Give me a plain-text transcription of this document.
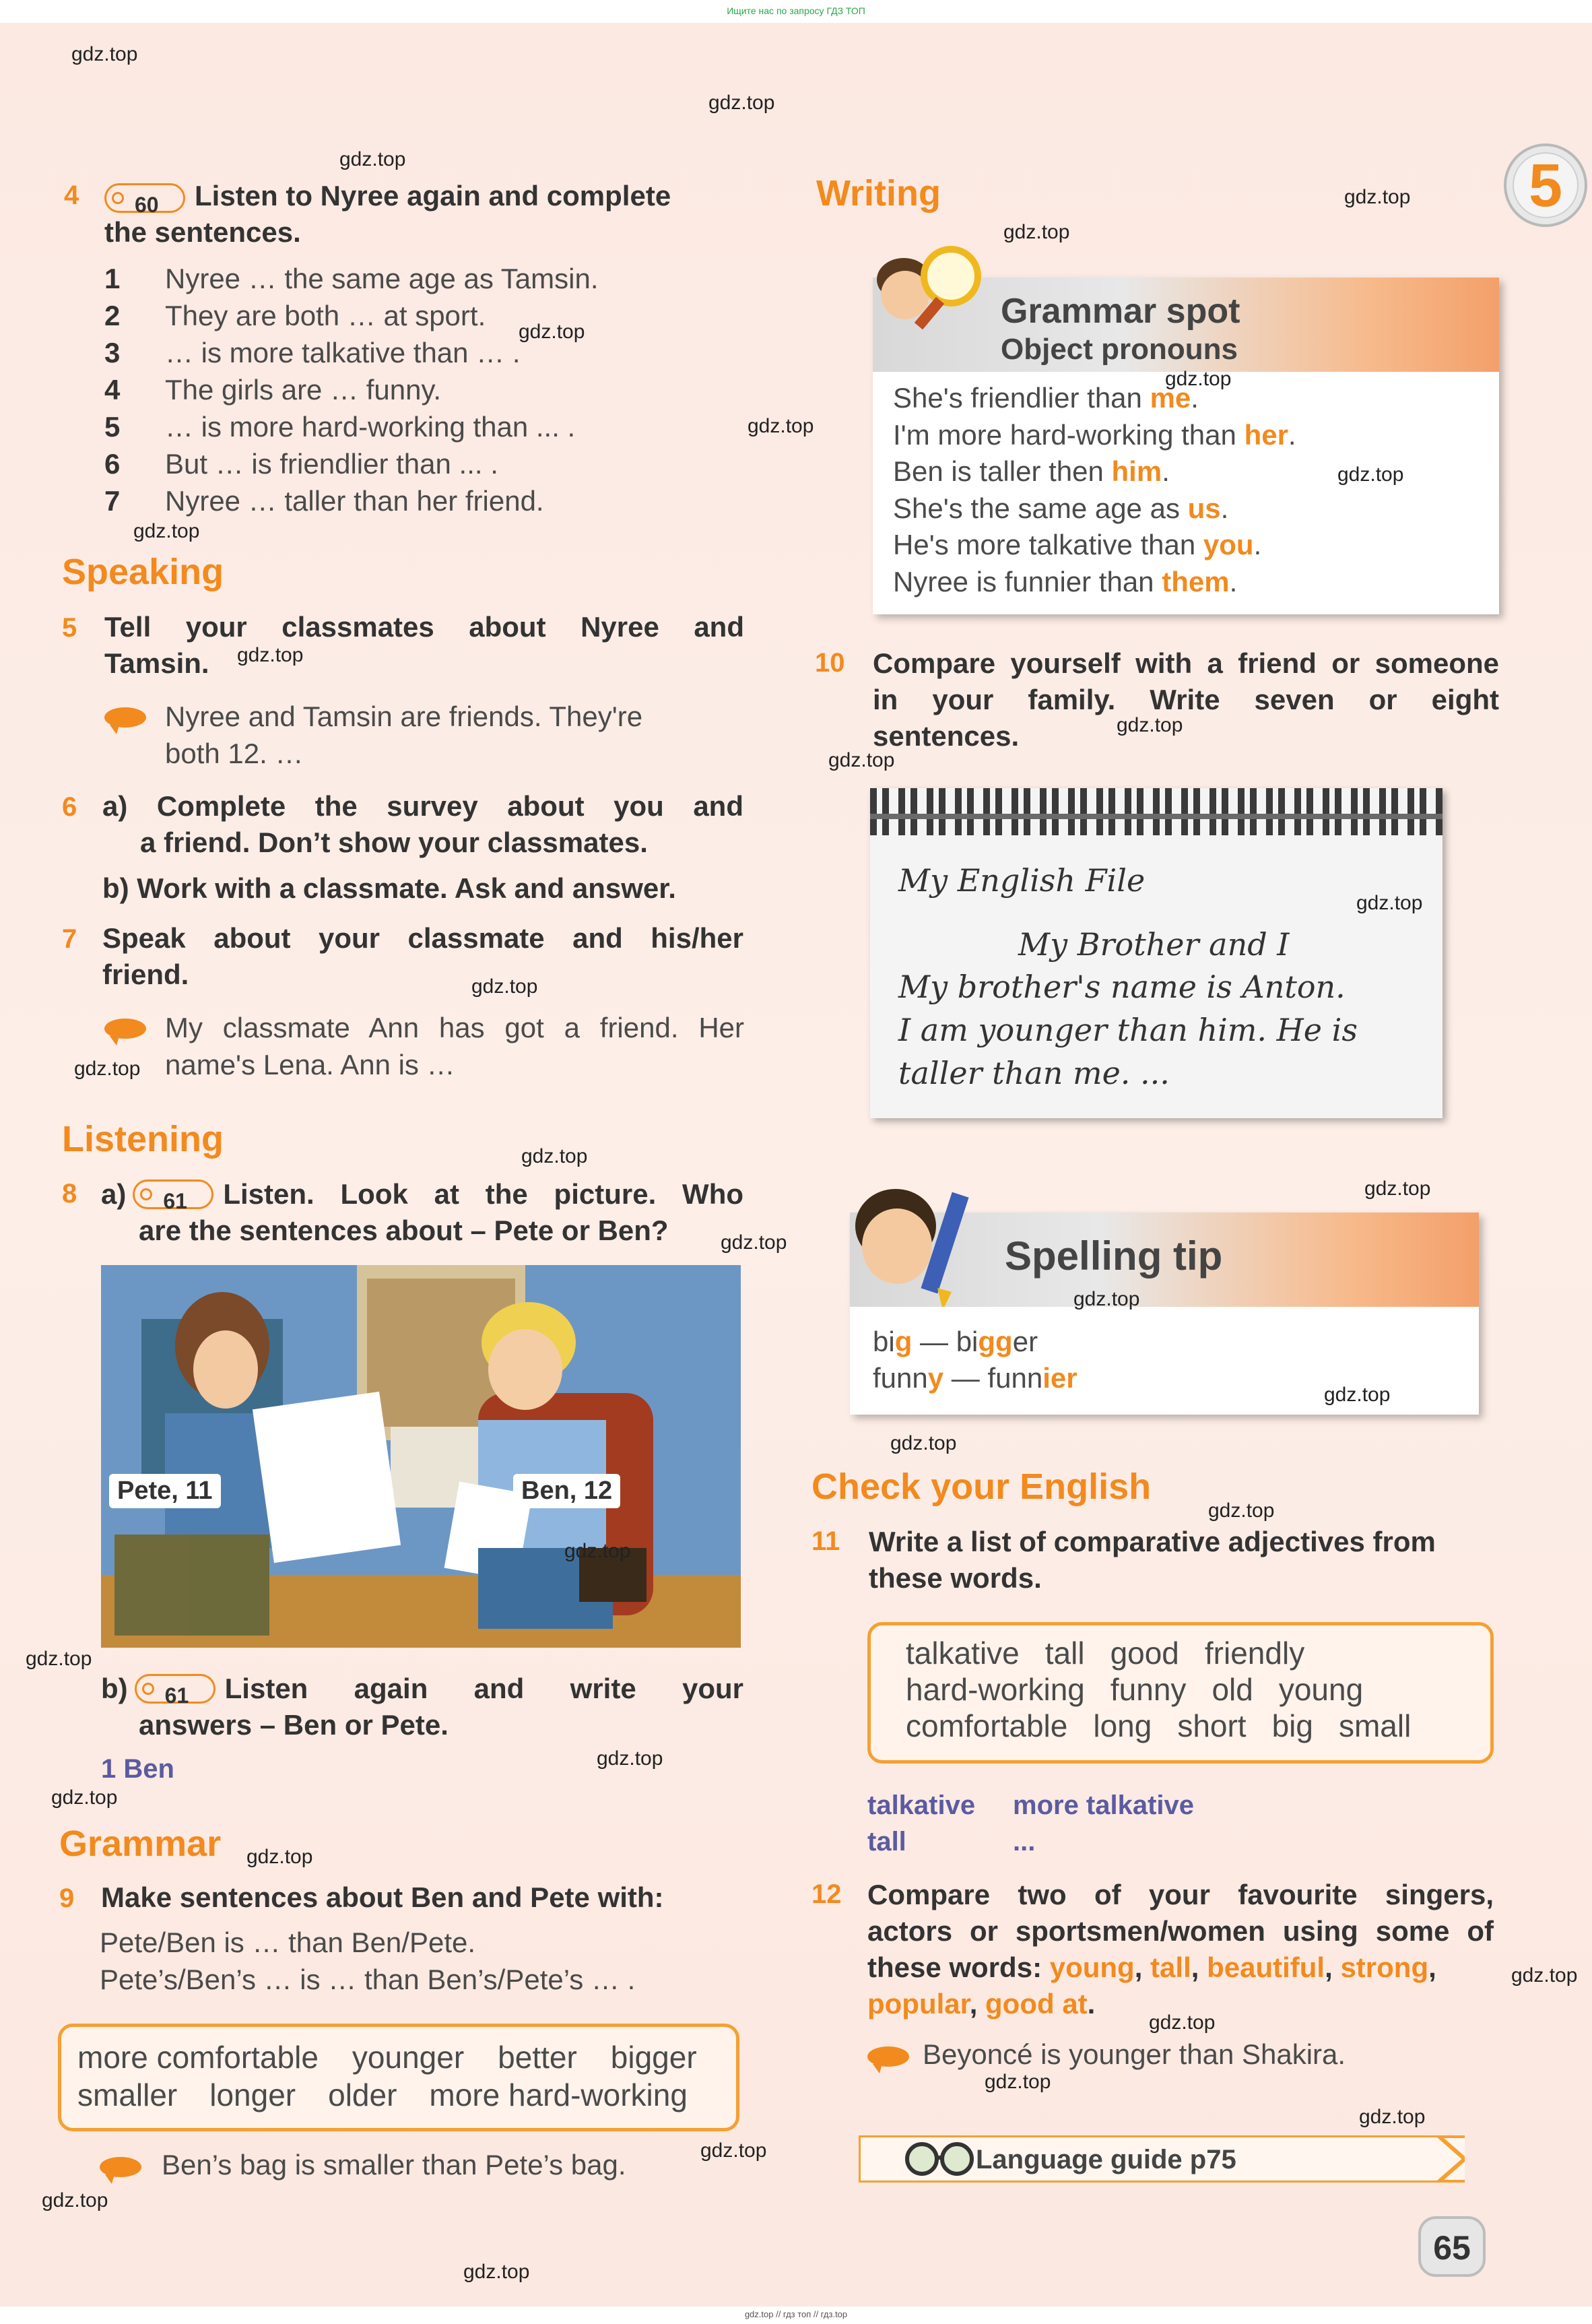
Ищите нас по запросу ГДЗ ТОП
5
4	60 Listen to Nyree again and complete
the sentences.
1 Nyree … the same age as Tamsin.
2 They are both … at sport.
3 … is more talkative than … .
4 The girls are … funny.
5 … is more hard-working than ... .
6 But … is friendlier than ... .
7 Nyree … taller than her friend.
Speaking
5 Tell your classmates about Nyree and
Tamsin.
Nyree and Tamsin are friends. They're
both 12. …
6 a) Complete the survey about you and
a friend. Don’t show your classmates.
b) Work with a classmate. Ask and answer.
7 Speak about your classmate and his/her
friend.
My classmate Ann has got a friend. Her
name's Lena. Ann is …
Listening
8 a) 61 Listen. Look at the picture. Who
are the sentences about – Pete or Ben?
Pete, 11	Ben, 12
b) 61 Listen again and write your
answers – Ben or Pete.
1 Ben
Grammar
9 Make sentences about Ben and Pete with:
Pete/Ben is … than Ben/Pete.
Pete’s/Ben’s … is … than Ben’s/Pete’s … .
more comfortable younger better bigger
smaller longer older more hard-working
Ben’s bag is smaller than Pete’s bag.
Writing
Grammar spot
Object pronouns
She's friendlier than me.
I'm more hard-working than her.
Ben is taller then him.
She's the same age as us.
He's more talkative than you.
Nyree is funnier than them.
10 Compare yourself with a friend or someone
in your family. Write seven or eight
sentences.
My English File
My Brother and I
My brother's name is Anton.
I am younger than him. He is
taller than me. ...
Spelling tip
big — bigger
funny — funnier
Check your English
11 Write a list of comparative adjectives from
these words.
talkative tall good friendly
hard-working funny old young
comfortable long short big small
talkative more talkative
tall	...
12 Compare two of your favourite singers,
actors or sportsmen/women using some of
these words: young, tall, beautiful, strong,
popular, good at.
Beyoncé is younger than Shakira.
Language guide p75
65
gdz.top
gdz.top
gdz.top
gdz.top
gdz.top
gdz.top
gdz.top
gdz.top
gdz.top
gdz.top
gdz.top
gdz.top
gdz.top
gdz.top
gdz.top
gdz.top
gdz.top
gdz.top
gdz.top
gdz.top
gdz.top
gdz.top
gdz.top
gdz.top
gdz.top
gdz.top
gdz.top
gdz.top
gdz.top
gdz.top
gdz.top
gdz.top
gdz.top
gdz.top
gdz.top
gdz.top // гдз топ // гдз.top
